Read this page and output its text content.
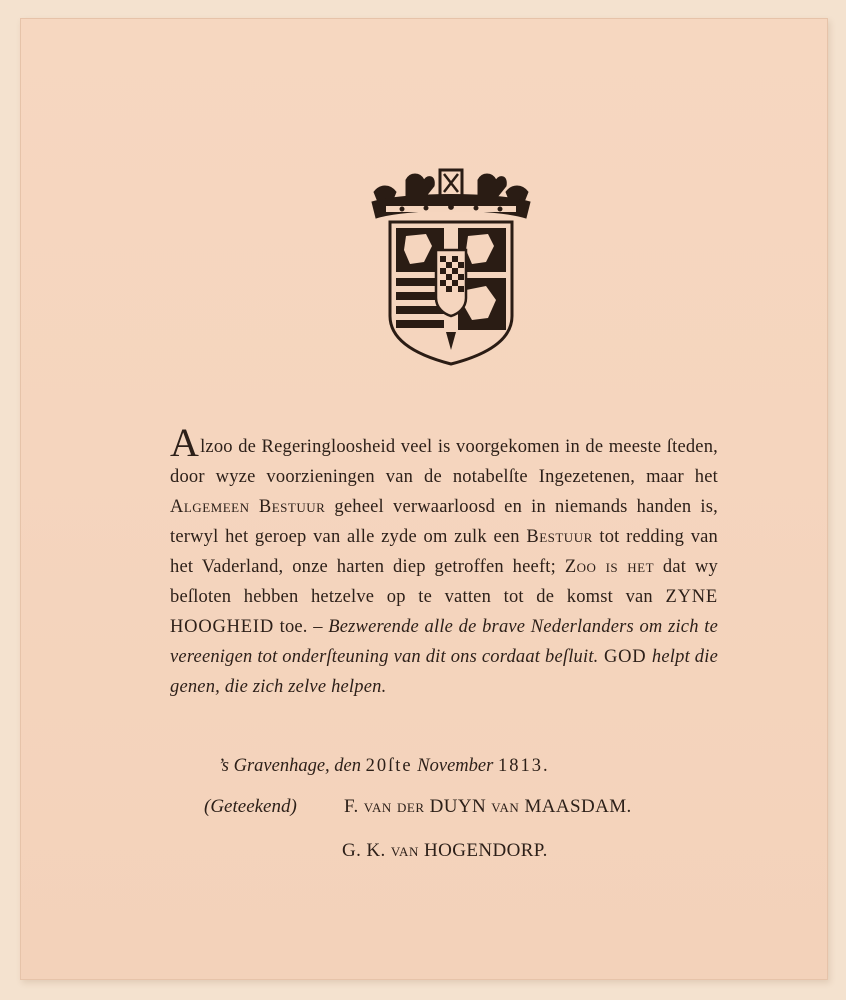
Alzoo de Regeringloosheid veel is voorgekomen in de meeste ſteden, door wyze voorzieningen van de notabelſte Ingezetenen, maar het Algemeen Bestuur geheel verwaarloosd en in niemands handen is, terwyl het geroep van alle zyde om zulk een Bestuur tot redding van het Vaderland, onze harten diep getroffen heeft; Zoo is het dat wy beſloten hebben hetzelve op te vatten tot de komst van ZYNE HOOGHEID toe. – Bezwerende alle de brave Nederlanders om zich te vereenigen tot onderſteuning van dit ons cordaat beſluit. GOD helpt die genen, die zich zelve helpen.

’s Gravenhage, den 20ſte November 1813.
(Geteekend) F. van der DUYN van MAASDAM.
G. K. van HOGENDORP.
